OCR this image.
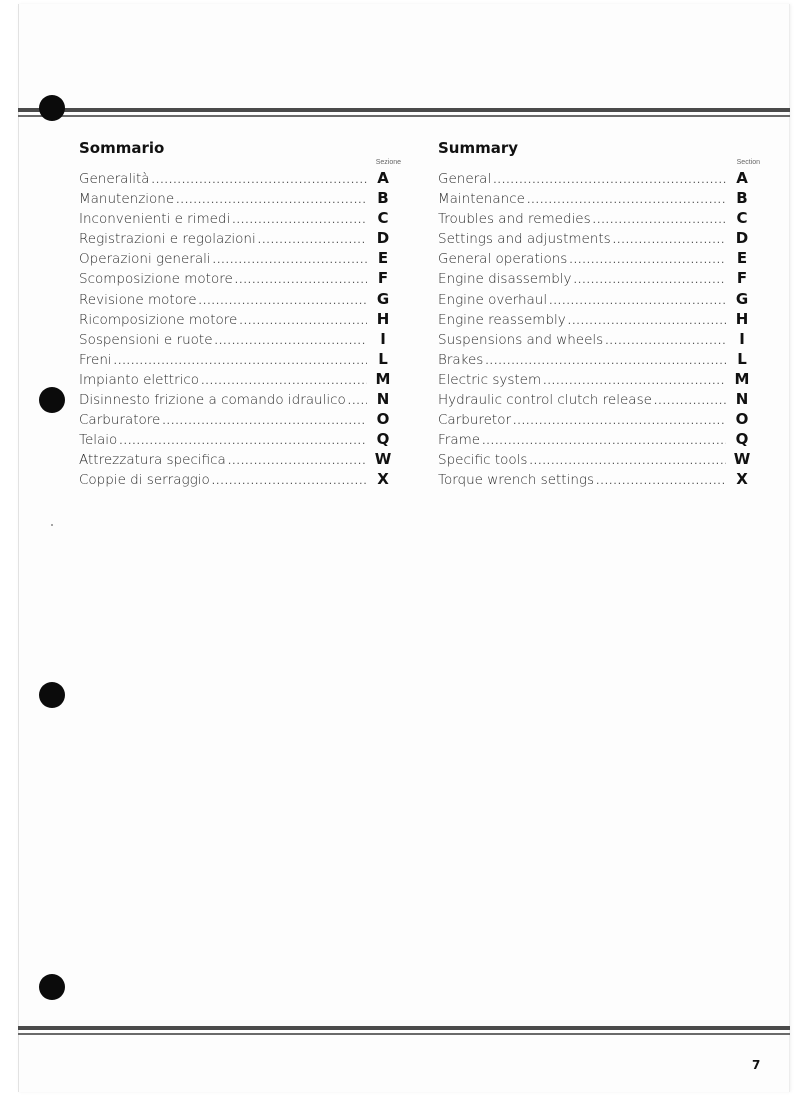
Sommario
Sezione
Generalità .....	A
Manutenzione .....	B
Inconvenienti e rimedi .....	C
Registrazioni e regolazioni .....	D
Operazioni generali .....	E
Scomposizione motore .....	F
Revisione motore .....	G
Ricomposizione motore .....	H
Sospensioni e ruote .....	I
Freni .....	L
Impianto elettrico .....	M
Disinnesto frizione a comando idraulico .....	N
Carburatore .....	O
Telaio .....	Q
Attrezzatura specifica .....	W
Coppie di serraggio .....	X
Summary
Section
General .....	A
Maintenance .....	B
Troubles and remedies .....	C
Settings and adjustments .....	D
General operations .....	E
Engine disassembly .....	F
Engine overhaul .....	G
Engine reassembly .....	H
Suspensions and wheels .....	I
Brakes .....	L
Electric system .....	M
Hydraulic control clutch release .....	N
Carburetor .....	O
Frame .....	Q
Specific tools .....	W
Torque wrench settings .....	X
7
